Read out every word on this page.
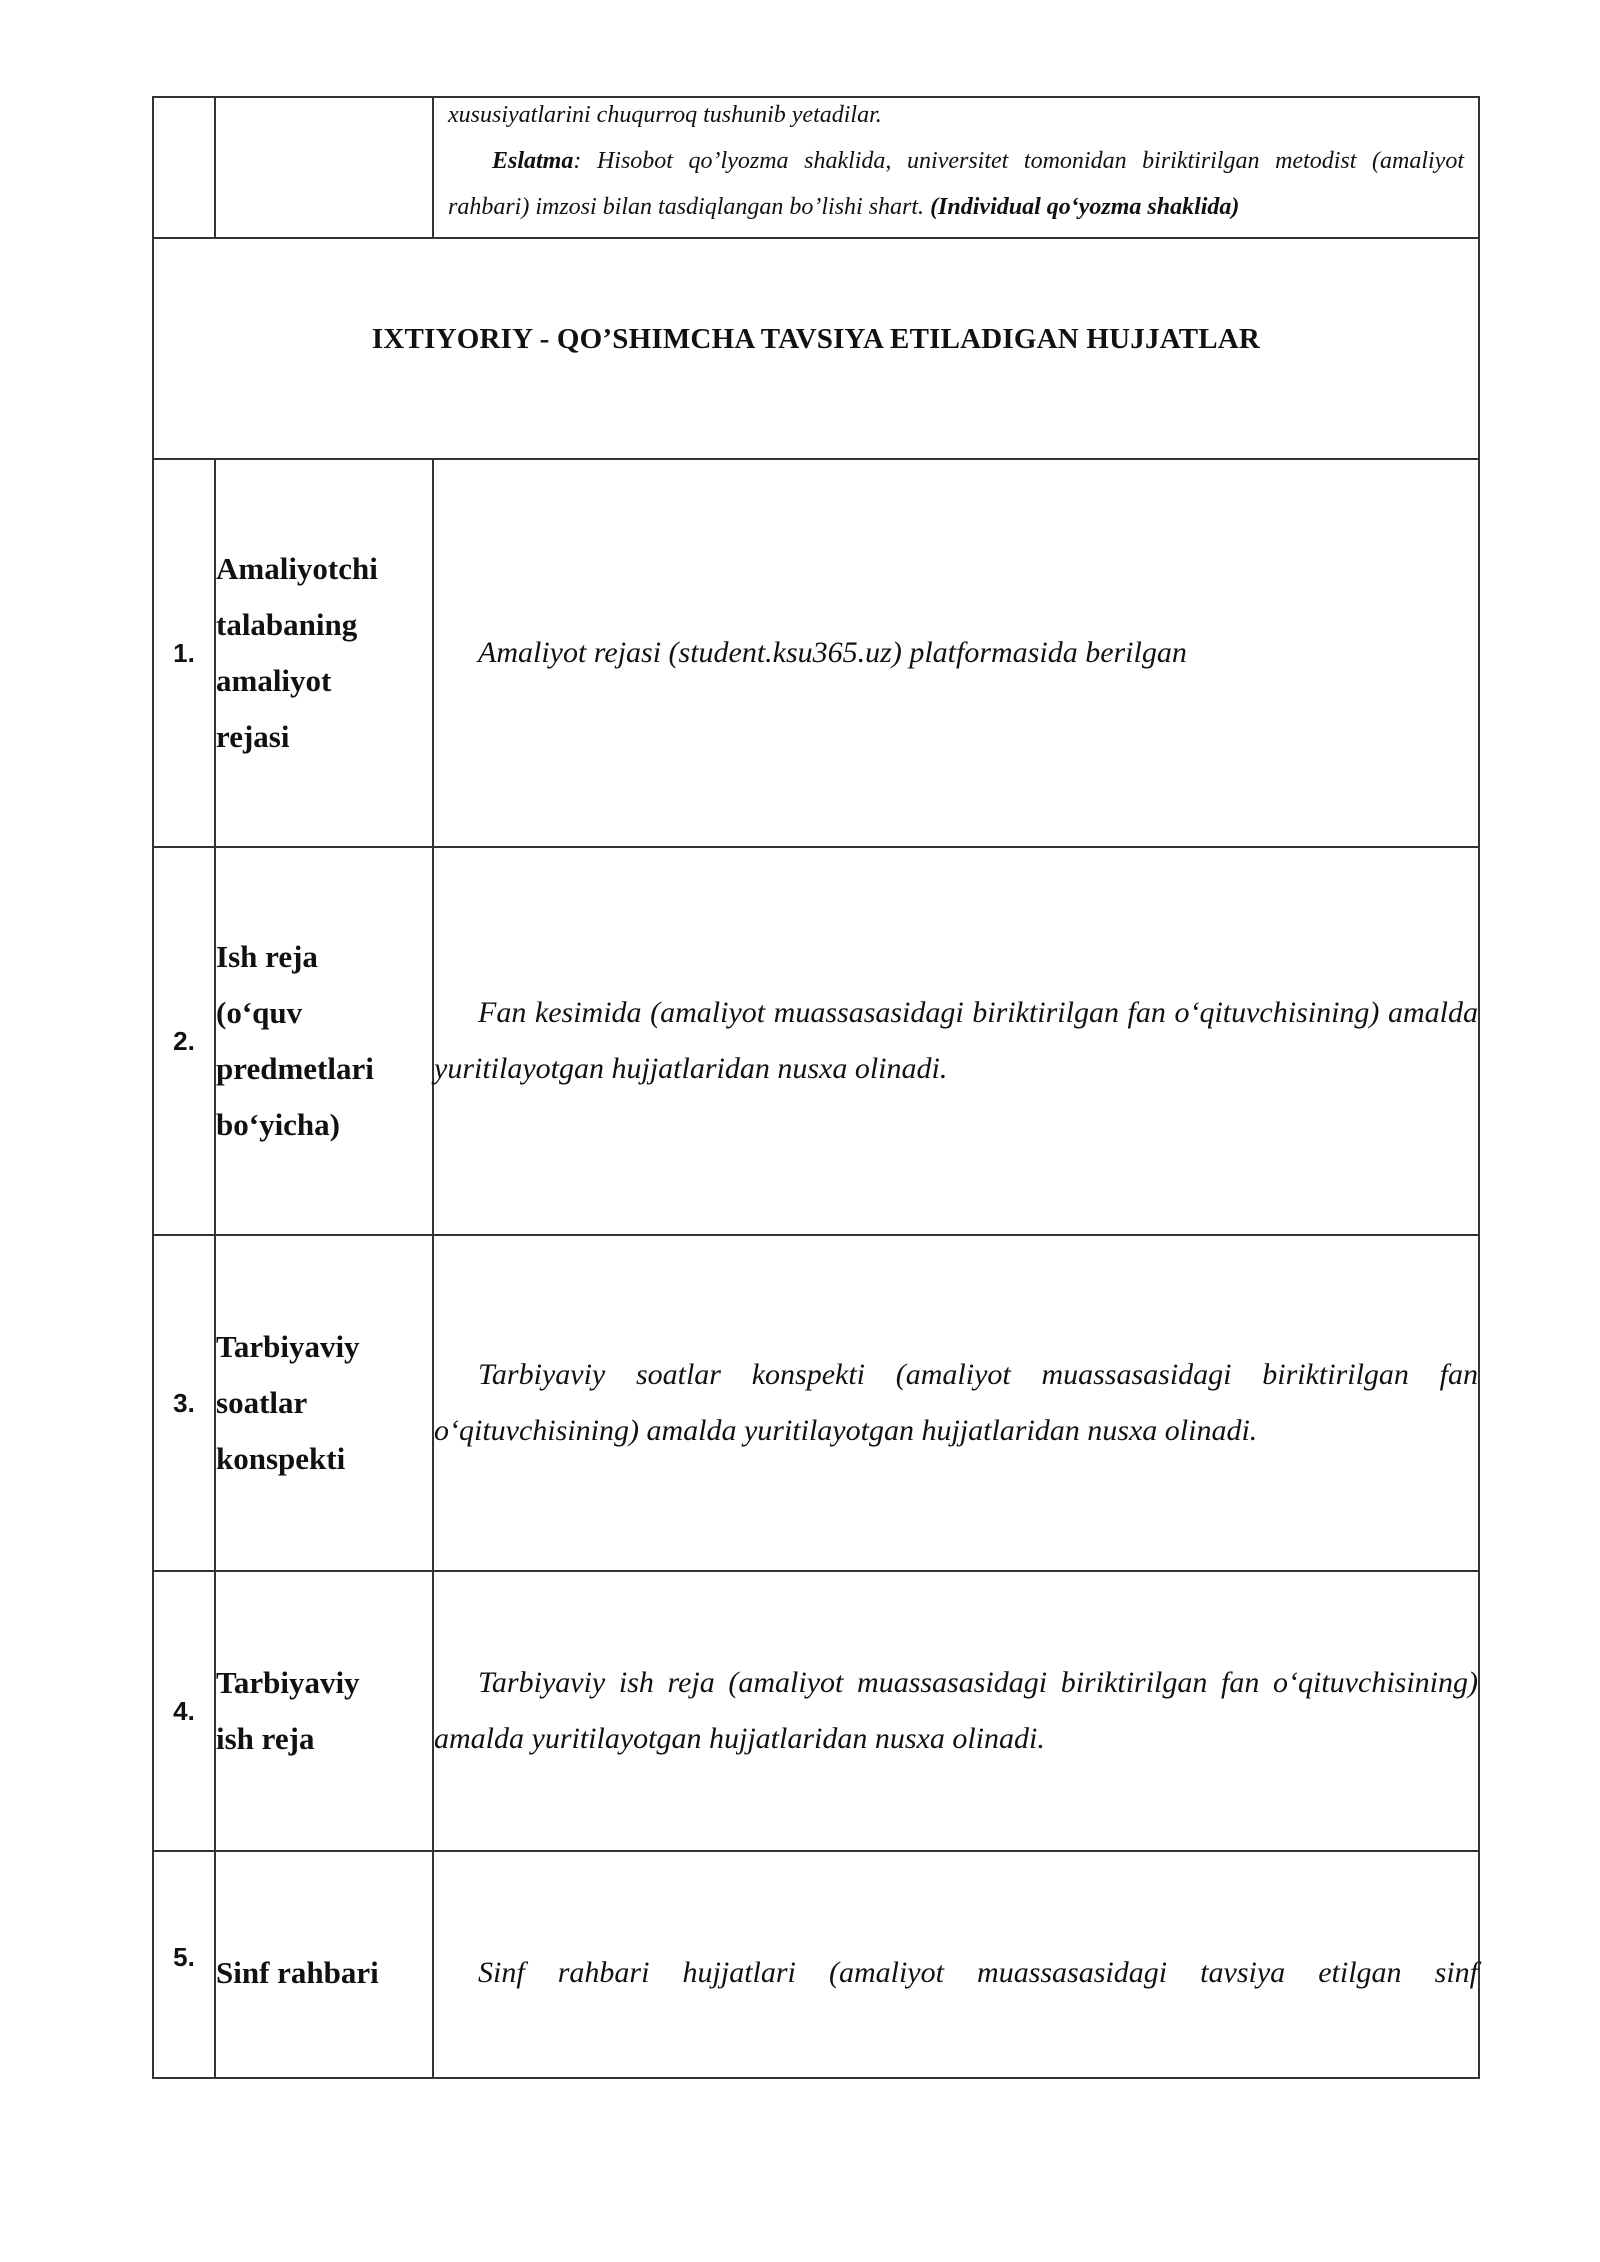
		xususiyatlarini chuqurroq tushunib yetadilar.
Eslatma: Hisobot qo’lyozma shaklida, universitet tomonidan biriktirilgan metodist (amaliyot rahbari) imzosi bilan tasdiqlangan bo’lishi shart. (Individual qo‘yozma shaklida)

IXTIYORIY - QO’SHIMCHA TAVSIYA ETILADIGAN HUJJATLAR		
1.	Amaliyotchi
talabaning
amaliyot
rejasi	Amaliyot rejasi (student.ksu365.uz) platformasida berilgan

2.	Ish reja
(o‘quv
predmetlari
bo‘yicha)	Fan kesimida (amaliyot muassasasidagi biriktirilgan fan o‘qituvchisining) amalda yuritilayotgan hujjatlaridan nusxa olinadi.

3.	Tarbiyaviy
soatlar
konspekti	Tarbiyaviy soatlar konspekti (amaliyot muassasasidagi biriktirilgan fan o‘qituvchisining) amalda yuritilayotgan hujjatlaridan nusxa olinadi.

4.	Tarbiyaviy
ish reja	Tarbiyaviy ish reja (amaliyot muassasasidagi biriktirilgan fan o‘qituvchisining) amalda yuritilayotgan hujjatlaridan nusxa olinadi.

5.	Sinf rahbari	Sinf rahbari hujjatlari (amaliyot muassasasidagi tavsiya etilgan sinf
